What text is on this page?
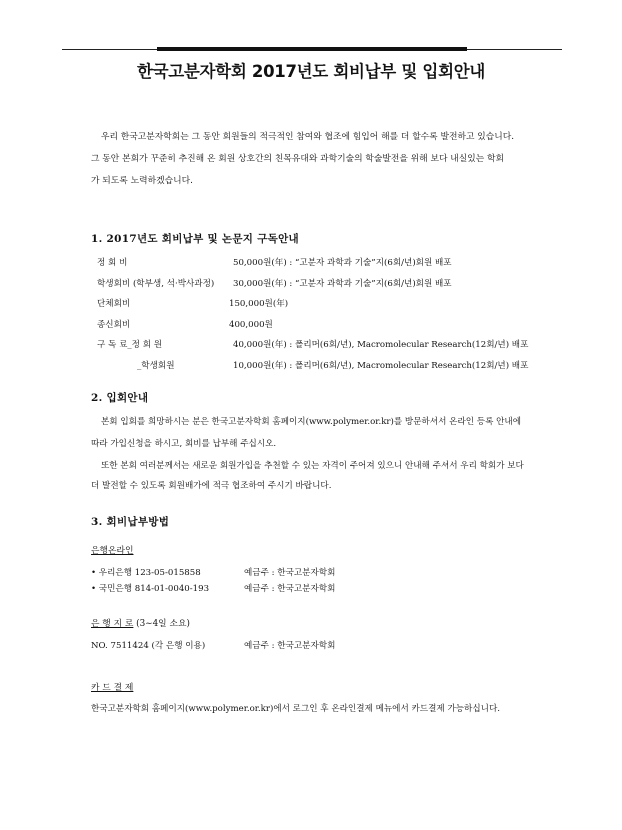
한국고분자학회 2017년도 회비납부 및 입회안내
우리 한국고분자학회는 그 동안 회원들의 적극적인 참여와 협조에 힘입어 해를 더 할수록 발전하고 있습니다.
그 동안 본회가 꾸준히 추진해 온 회원 상호간의 친목유대와 과학기술의 학술발전을 위해 보다 내실있는 학회
가 되도록 노력하겠습니다.
1. 2017년도 회비납부 및 논문지 구독안내
정 회 비	50,000원(年) : “고분자 과학과 기술”지(6회/년)회원 배포
학생회비 (학부생, 석·박사과정) 30,000원(年) : “고분자 과학과 기술”지(6회/년)회원 배포
단체회비	150,000원(年)
종신회비	400,000원
구 독 료_정 회 원	40,000원(年) : 폴리머(6회/년), Macromolecular Research(12회/년) 배포
_학생회원	10,000원(年) : 폴리머(6회/년), Macromolecular Research(12회/년) 배포
2. 입회안내
본회 입회를 희망하시는 분은 한국고분자학회 홈페이지(www.polymer.or.kr)를 방문하셔서 온라인 등록 안내에
따라 가입신청을 하시고, 회비를 납부해 주십시오.
또한 본회 여러분께서는 새로운 회원가입을 추천할 수 있는 자격이 주어져 있으니 안내해 주셔서 우리 학회가 보다
더 발전할 수 있도록 회원배가에 적극 협조하여 주시기 바랍니다.
3. 회비납부방법
은행온라인
• 우리은행 123-05-015858	예금주 : 한국고분자학회
• 국민은행 814-01-0040-193	예금주 : 한국고분자학회
은 행 지 로 (3∼4일 소요)
NO. 7511424 (각 은행 이용)	예금주 : 한국고분자학회
카 드 결 제
한국고분자학회 홈페이지(www.polymer.or.kr)에서 로그인 후 온라인결제 메뉴에서 카드결제 가능하십니다.
